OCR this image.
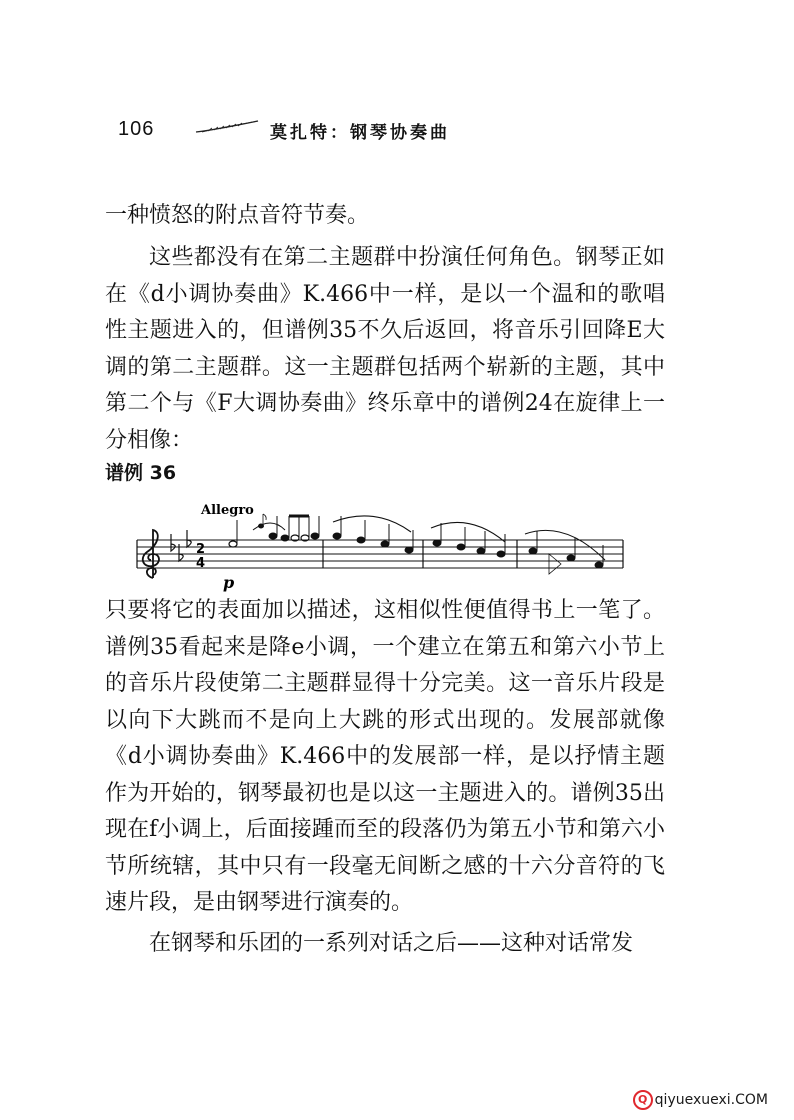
106	莫扎特：钢琴协奏曲

一种愤怒的附点音符节奏。

这些都没有在第二主题群中扮演任何角色。钢琴正如在《d小调协奏曲》K.466中一样，是以一个温和的歌唱性主题进入的，但谱例35不久后返回，将音乐引回降E大调的第二主题群。这一主题群包括两个崭新的主题，其中第二个与《F大调协奏曲》终乐章中的谱例24在旋律上一分相像：

谱例 36
Allegro
2
4
p

只要将它的表面加以描述，这相似性便值得书上一笔了。谱例35看起来是降e小调，一个建立在第五和第六小节上的音乐片段使第二主题群显得十分完美。这一音乐片段是以向下大跳而不是向上大跳的形式出现的。发展部就像《d小调协奏曲》K.466中的发展部一样，是以抒情主题作为开始的，钢琴最初也是以这一主题进入的。谱例35出现在f小调上，后面接踵而至的段落仍为第五小节和第六小节所统辖，其中只有一段毫无间断之感的十六分音符的飞速片段，是由钢琴进行演奏的。

在钢琴和乐团的一系列对话之后——这种对话常发

Q qiyuexuexi.COM
